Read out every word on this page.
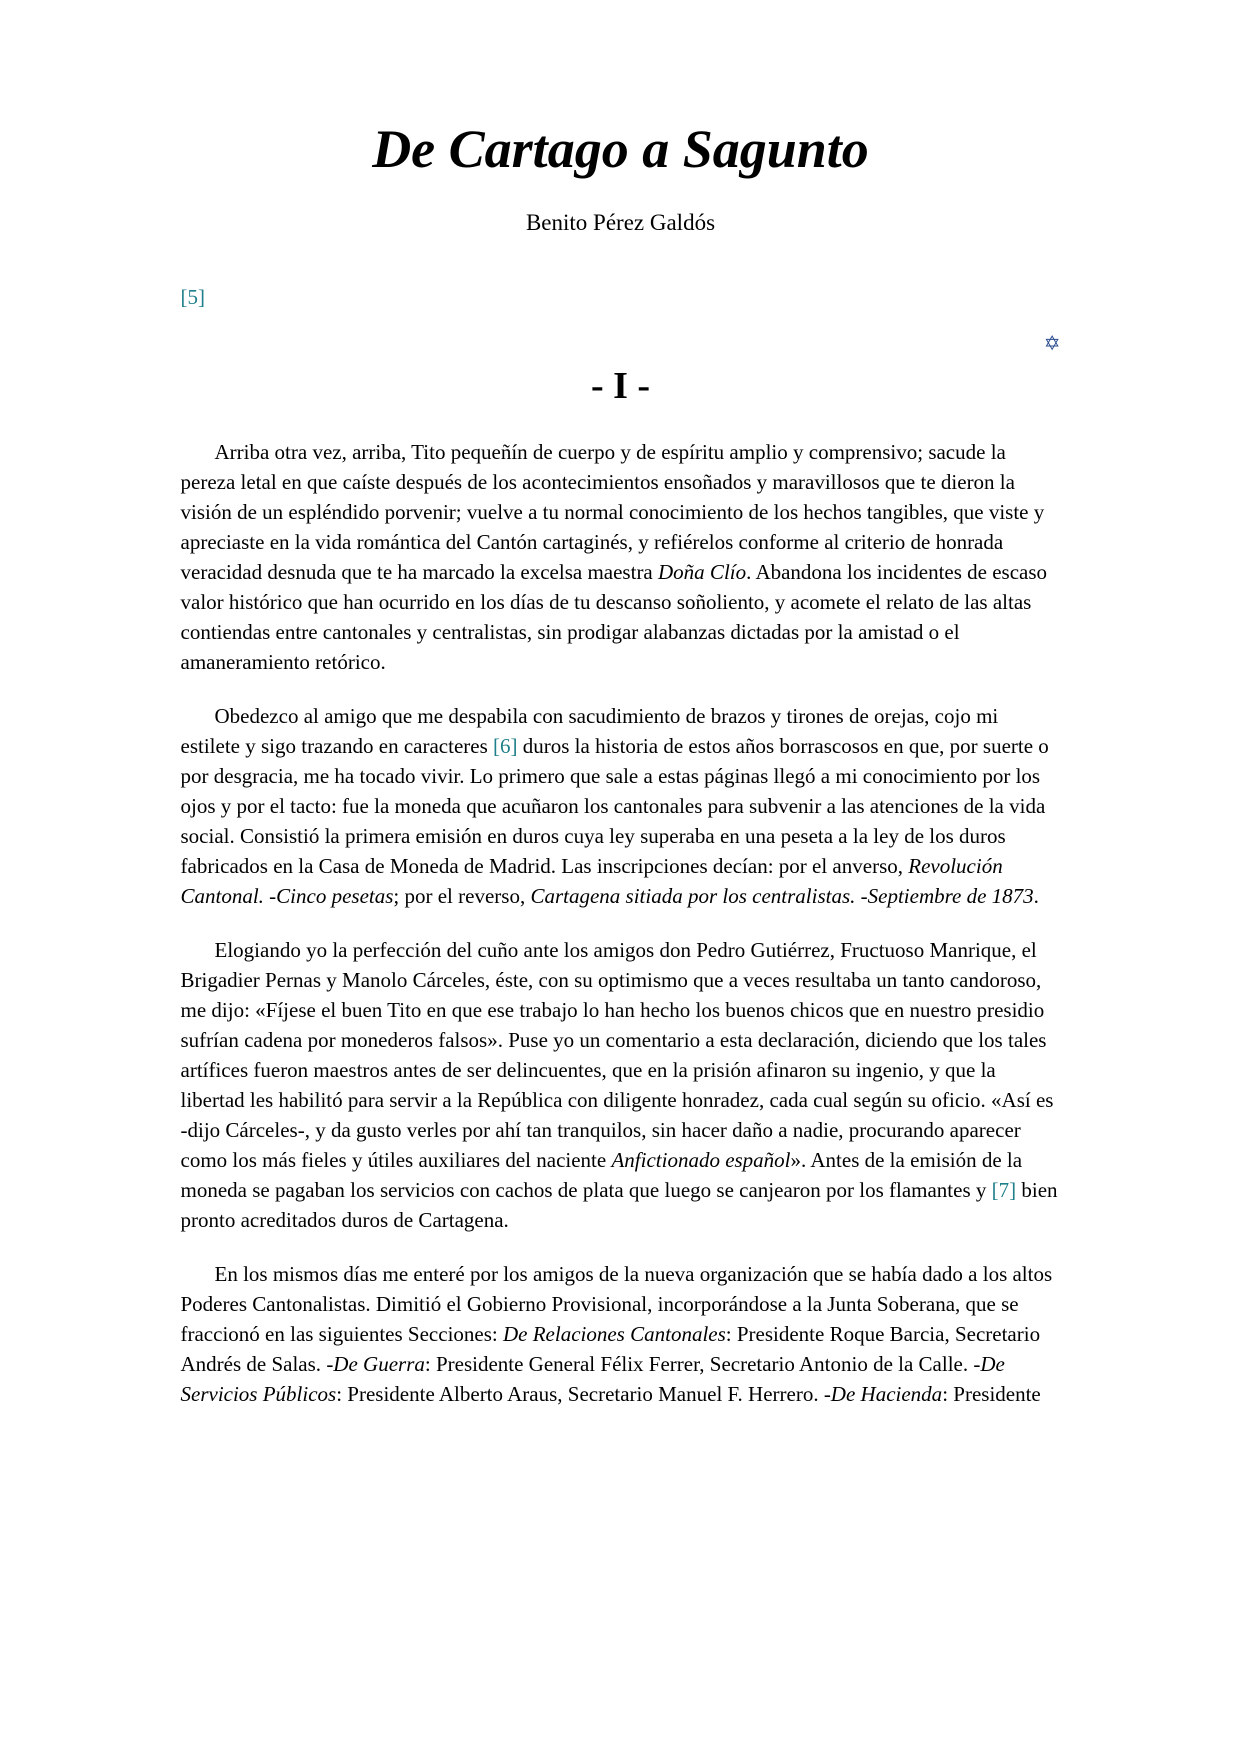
De Cartago a Sagunto
Benito Pérez Galdós

[5]

✡

- I -

Arriba otra vez, arriba, Tito pequeñín de cuerpo y de espíritu amplio y comprensivo; sacude la pereza letal en que caíste después de los acontecimientos ensoñados y maravillosos que te dieron la visión de un espléndido porvenir; vuelve a tu normal conocimiento de los hechos tangibles, que viste y apreciaste en la vida romántica del Cantón cartaginés, y refiérelos conforme al criterio de honrada veracidad desnuda que te ha marcado la excelsa maestra Doña Clío. Abandona los incidentes de escaso valor histórico que han ocurrido en los días de tu descanso soñoliento, y acomete el relato de las altas contiendas entre cantonales y centralistas, sin prodigar alabanzas dictadas por la amistad o el amaneramiento retórico.

Obedezco al amigo que me despabila con sacudimiento de brazos y tirones de orejas, cojo mi estilete y sigo trazando en caracteres [6] duros la historia de estos años borrascosos en que, por suerte o por desgracia, me ha tocado vivir. Lo primero que sale a estas páginas llegó a mi conocimiento por los ojos y por el tacto: fue la moneda que acuñaron los cantonales para subvenir a las atenciones de la vida social. Consistió la primera emisión en duros cuya ley superaba en una peseta a la ley de los duros fabricados en la Casa de Moneda de Madrid. Las inscripciones decían: por el anverso, Revolución Cantonal. -Cinco pesetas; por el reverso, Cartagena sitiada por los centralistas. -Septiembre de 1873.

Elogiando yo la perfección del cuño ante los amigos don Pedro Gutiérrez, Fructuoso Manrique, el Brigadier Pernas y Manolo Cárceles, éste, con su optimismo que a veces resultaba un tanto candoroso, me dijo: «Fíjese el buen Tito en que ese trabajo lo han hecho los buenos chicos que en nuestro presidio sufrían cadena por monederos falsos». Puse yo un comentario a esta declaración, diciendo que los tales artífices fueron maestros antes de ser delincuentes, que en la prisión afinaron su ingenio, y que la libertad les habilitó para servir a la República con diligente honradez, cada cual según su oficio. «Así es -dijo Cárceles-, y da gusto verles por ahí tan tranquilos, sin hacer daño a nadie, procurando aparecer como los más fieles y útiles auxiliares del naciente Anfictionado español». Antes de la emisión de la moneda se pagaban los servicios con cachos de plata que luego se canjearon por los flamantes y [7] bien pronto acreditados duros de Cartagena.

En los mismos días me enteré por los amigos de la nueva organización que se había dado a los altos Poderes Cantonalistas. Dimitió el Gobierno Provisional, incorporándose a la Junta Soberana, que se fraccionó en las siguientes Secciones: De Relaciones Cantonales: Presidente Roque Barcia, Secretario Andrés de Salas. -De Guerra: Presidente General Félix Ferrer, Secretario Antonio de la Calle. -De Servicios Públicos: Presidente Alberto Araus, Secretario Manuel F. Herrero. -De Hacienda: Presidente
